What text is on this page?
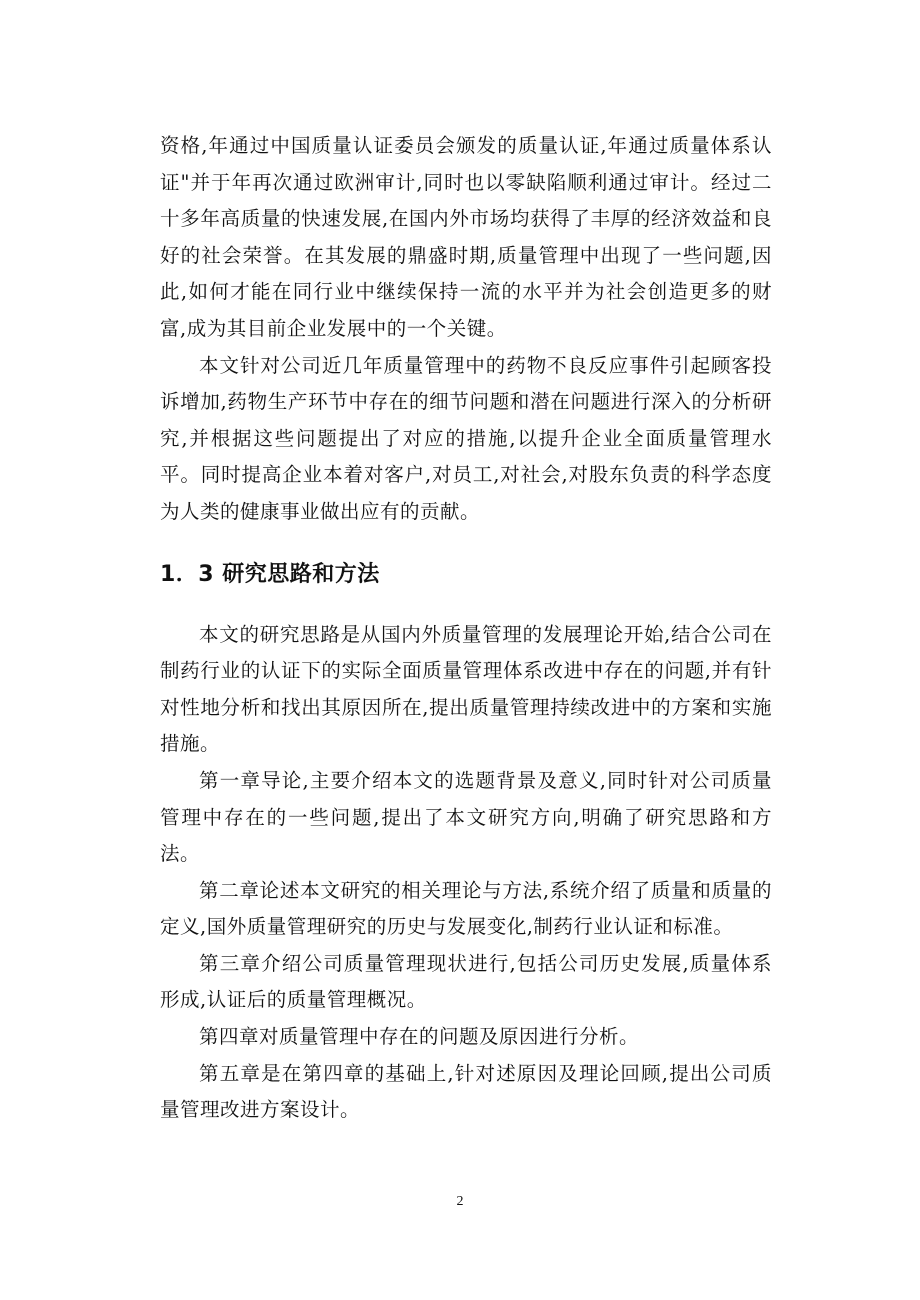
资格,年通过中国质量认证委员会颁发的质量认证,年通过质量体系认证"并于年再次通过欧洲审计,同时也以零缺陷顺利通过审计。经过二十多年高质量的快速发展,在国内外市场均获得了丰厚的经济效益和良好的社会荣誉。在其发展的鼎盛时期,质量管理中出现了一些问题,因此,如何才能在同行业中继续保持一流的水平并为社会创造更多的财富,成为其目前企业发展中的一个关键。

本文针对公司近几年质量管理中的药物不良反应事件引起顾客投诉增加,药物生产环节中存在的细节问题和潜在问题进行深入的分析研究,并根据这些问题提出了对应的措施,以提升企业全面质量管理水平。同时提高企业本着对客户,对员工,对社会,对股东负责的科学态度为人类的健康事业做出应有的贡献。

1．3 研究思路和方法

本文的研究思路是从国内外质量管理的发展理论开始,结合公司在制药行业的认证下的实际全面质量管理体系改进中存在的问题,并有针对性地分析和找出其原因所在,提出质量管理持续改进中的方案和实施措施。

第一章导论,主要介绍本文的选题背景及意义,同时针对公司质量管理中存在的一些问题,提出了本文研究方向,明确了研究思路和方法。

第二章论述本文研究的相关理论与方法,系统介绍了质量和质量的定义,国外质量管理研究的历史与发展变化,制药行业认证和标准。

第三章介绍公司质量管理现状进行,包括公司历史发展,质量体系形成,认证后的质量管理概况。

第四章对质量管理中存在的问题及原因进行分析。

第五章是在第四章的基础上,针对述原因及理论回顾,提出公司质量管理改进方案设计。

2
